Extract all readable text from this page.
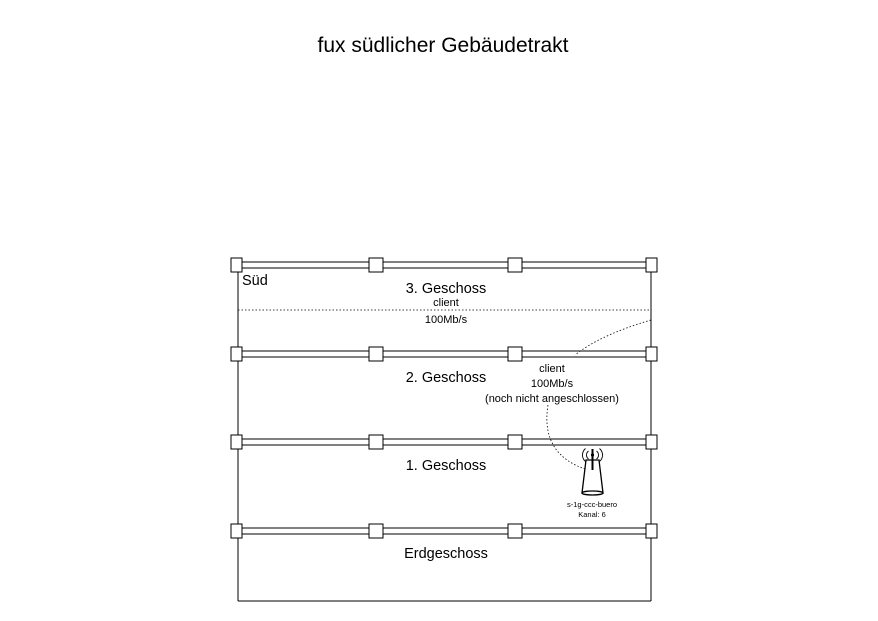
fux südlicher Gebäudetrakt
Süd	3. Geschoss
2. Geschoss
1. Geschoss
Erdgeschoss
client
100Mb/s
client
100Mb/s
(noch nicht angeschlossen)
s-1g-ccc-buero
Kanal: 6
